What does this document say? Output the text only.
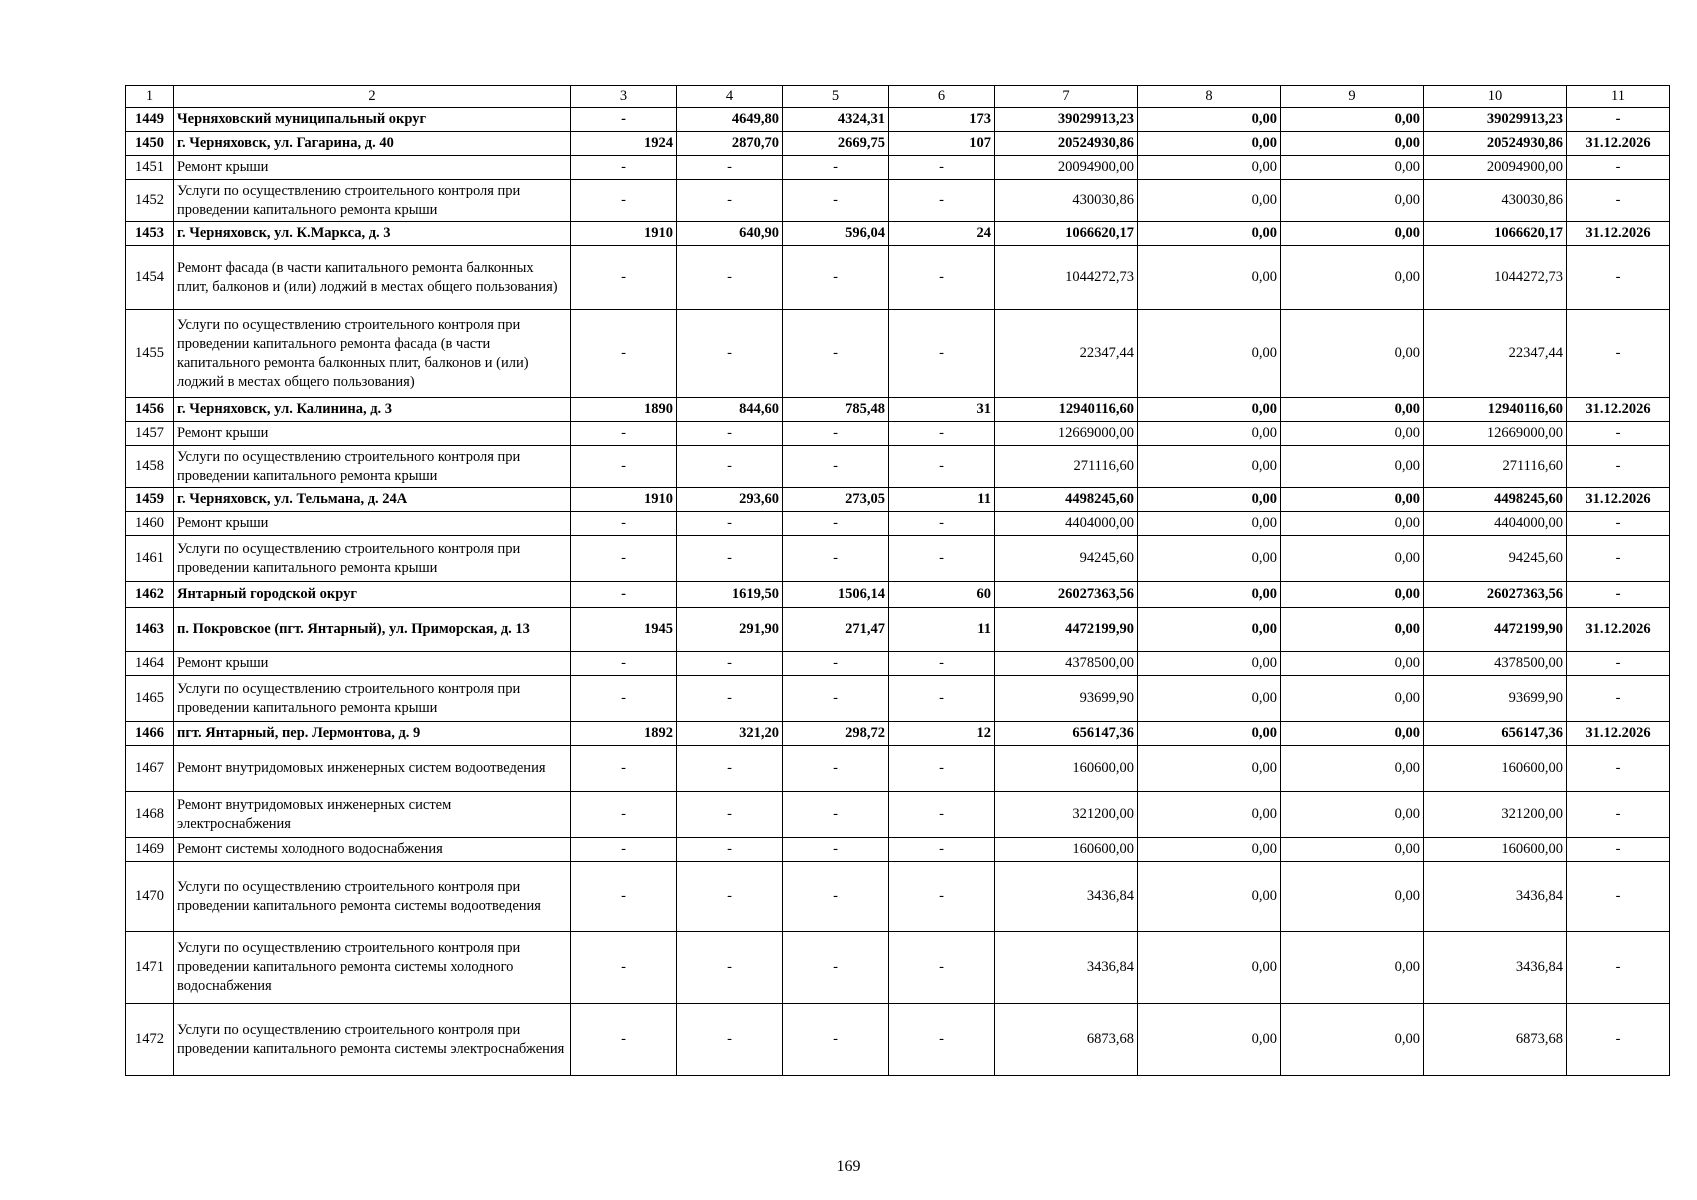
1	2	3	4	5	6	7	8	9	10	11
1449	Черняховский муниципальный округ	-	4649,80	4324,31	173	39029913,23	0,00	0,00	39029913,23	-
1450	г. Черняховск, ул. Гагарина, д. 40	1924	2870,70	2669,75	107	20524930,86	0,00	0,00	20524930,86	31.12.2026
1451	Ремонт крыши	-	-	-	-	20094900,00	0,00	0,00	20094900,00	-
1452	Услуги по осуществлению строительного контроля при проведении капитального ремонта крыши	-	-	-	-	430030,86	0,00	0,00	430030,86	-
1453	г. Черняховск, ул. К.Маркса, д. 3	1910	640,90	596,04	24	1066620,17	0,00	0,00	1066620,17	31.12.2026
1454	Ремонт фасада (в части капитального ремонта балконных плит, балконов и (или) лоджий в местах общего пользования)	-	-	-	-	1044272,73	0,00	0,00	1044272,73	-
1455	Услуги по осуществлению строительного контроля при проведении капитального ремонта фасада (в части капитального ремонта балконных плит, балконов и (или) лоджий в местах общего пользования)	-	-	-	-	22347,44	0,00	0,00	22347,44	-
1456	г. Черняховск, ул. Калинина, д. 3	1890	844,60	785,48	31	12940116,60	0,00	0,00	12940116,60	31.12.2026
1457	Ремонт крыши	-	-	-	-	12669000,00	0,00	0,00	12669000,00	-
1458	Услуги по осуществлению строительного контроля при проведении капитального ремонта крыши	-	-	-	-	271116,60	0,00	0,00	271116,60	-
1459	г. Черняховск, ул. Тельмана, д. 24А	1910	293,60	273,05	11	4498245,60	0,00	0,00	4498245,60	31.12.2026
1460	Ремонт крыши	-	-	-	-	4404000,00	0,00	0,00	4404000,00	-
1461	Услуги по осуществлению строительного контроля при проведении капитального ремонта крыши	-	-	-	-	94245,60	0,00	0,00	94245,60	-
1462	Янтарный городской округ	-	1619,50	1506,14	60	26027363,56	0,00	0,00	26027363,56	-
1463	п. Покровское (пгт. Янтарный), ул. Приморская, д. 13	1945	291,90	271,47	11	4472199,90	0,00	0,00	4472199,90	31.12.2026
1464	Ремонт крыши	-	-	-	-	4378500,00	0,00	0,00	4378500,00	-
1465	Услуги по осуществлению строительного контроля при проведении капитального ремонта крыши	-	-	-	-	93699,90	0,00	0,00	93699,90	-
1466	пгт. Янтарный, пер. Лермонтова, д. 9	1892	321,20	298,72	12	656147,36	0,00	0,00	656147,36	31.12.2026
1467	Ремонт внутридомовых инженерных систем водоотведения	-	-	-	-	160600,00	0,00	0,00	160600,00	-
1468	Ремонт внутридомовых инженерных систем электроснабжения	-	-	-	-	321200,00	0,00	0,00	321200,00	-
1469	Ремонт системы холодного водоснабжения	-	-	-	-	160600,00	0,00	0,00	160600,00	-
1470	Услуги по осуществлению строительного контроля при проведении капитального ремонта системы водоотведения	-	-	-	-	3436,84	0,00	0,00	3436,84	-
1471	Услуги по осуществлению строительного контроля при проведении капитального ремонта системы холодного водоснабжения	-	-	-	-	3436,84	0,00	0,00	3436,84	-
1472	Услуги по осуществлению строительного контроля при проведении капитального ремонта системы электроснабжения	-	-	-	-	6873,68	0,00	0,00	6873,68	-
169
